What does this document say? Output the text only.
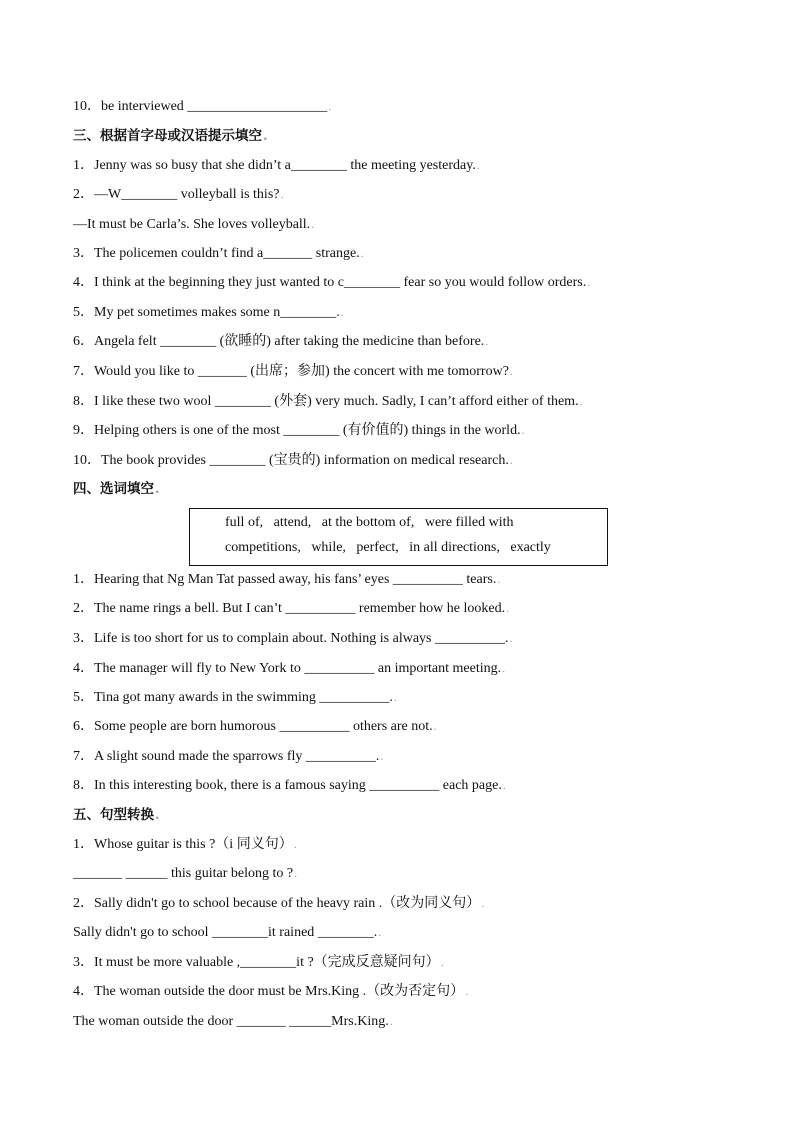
10．be interviewed ____________________.
三、根据首字母或汉语提示填空.
1．Jenny was so busy that she didn’t a________ the meeting yesterday..
2．—W________ volleyball is this?.
—It must be Carla’s. She loves volleyball..
3．The policemen couldn’t find a_______ strange..
4．I think at the beginning they just wanted to c________ fear so you would follow orders..
5．My pet sometimes makes some n________..
6．Angela felt ________ (欲睡的) after taking the medicine than before..
7．Would you like to _______ (出席；参加) the concert with me tomorrow?.
8．I like these two wool ________ (外套) very much. Sadly, I can’t afford either of them..
9．Helping others is one of the most ________ (有价值的) things in the world..
10．The book provides ________ (宝贵的) information on medical research..
四、选词填空.
1．Hearing that Ng Man Tat passed away, his fans’ eyes __________ tears..
2．The name rings a bell. But I can’t __________ remember how he looked..
3．Life is too short for us to complain about. Nothing is always __________..
4．The manager will fly to New York to __________ an important meeting..
5．Tina got many awards in the swimming __________..
6．Some people are born humorous __________ others are not..
7．A slight sound made the sparrows fly __________..
8．In this interesting book, there is a famous saying __________ each page..
五、句型转换.
1．Whose guitar is this ?（i 同义句）.
_______ ______ this guitar belong to ?.
2．Sally didn't go to school because of the heavy rain .（改为同义句）.
Sally didn't go to school ________it rained ________..
3．It must be more valuable ,________it ?（完成反意疑问句）.
4．The woman outside the door must be Mrs.King .（改为否定句）.
The woman outside the door _______ ______Mrs.King..
full of,   attend,   at the bottom of,   were filled with
competitions,   while,   perfect,   in all directions,   exactly
